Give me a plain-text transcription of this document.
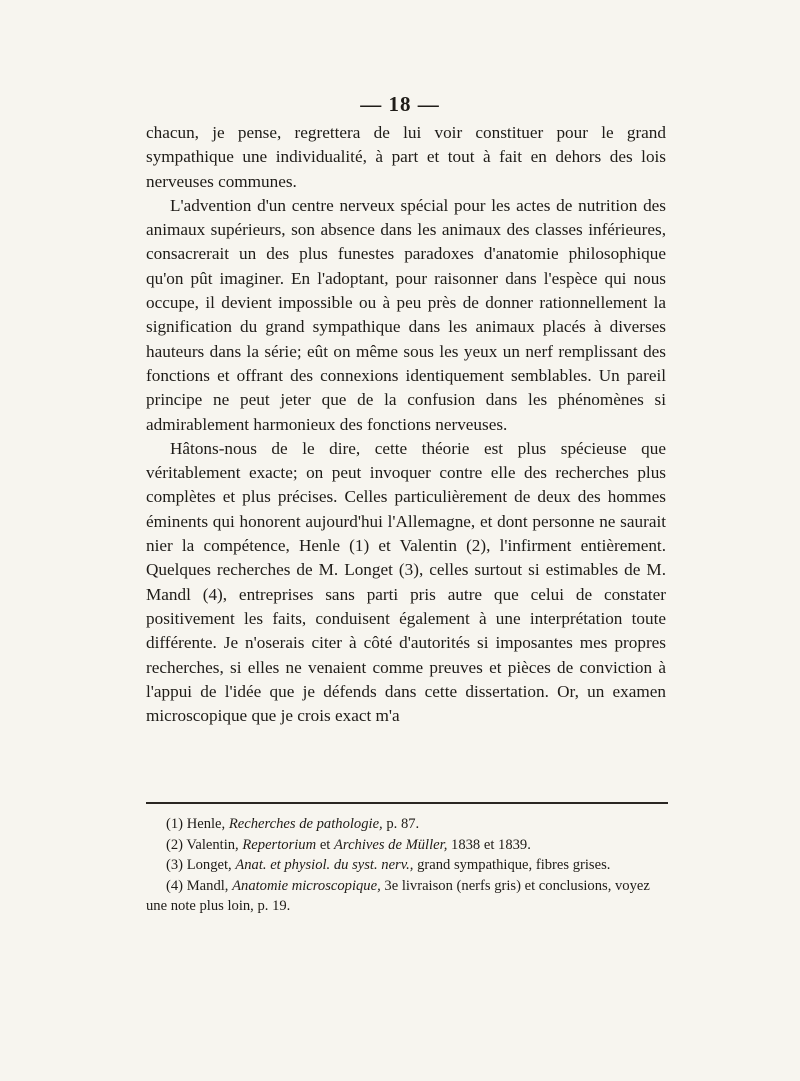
— 18 —

chacun, je pense, regrettera de lui voir constituer pour le grand sympathique une individualité, à part et tout à fait en dehors des lois nerveuses communes.

L'advention d'un centre nerveux spécial pour les actes de nutrition des animaux supérieurs, son absence dans les animaux des classes inférieures, consacrerait un des plus funestes paradoxes d'anatomie philosophique qu'on pût imaginer. En l'adoptant, pour raisonner dans l'espèce qui nous occupe, il devient impossible ou à peu près de donner rationnellement la signification du grand sympathique dans les animaux placés à diverses hauteurs dans la série; eût on même sous les yeux un nerf remplissant des fonctions et offrant des connexions identiquement semblables. Un pareil principe ne peut jeter que de la confusion dans les phénomènes si admirablement harmonieux des fonctions nerveuses.

Hâtons-nous de le dire, cette théorie est plus spécieuse que véritablement exacte; on peut invoquer contre elle des recherches plus complètes et plus précises. Celles particulièrement de deux des hommes éminents qui honorent aujourd'hui l'Allemagne, et dont personne ne saurait nier la compétence, Henle (1) et Valentin (2), l'infirment entièrement. Quelques recherches de M. Longet (3), celles surtout si estimables de M. Mandl (4), entreprises sans parti pris autre que celui de constater positivement les faits, conduisent également à une interprétation toute différente. Je n'oserais citer à côté d'autorités si imposantes mes propres recherches, si elles ne venaient comme preuves et pièces de conviction à l'appui de l'idée que je défends dans cette dissertation. Or, un examen microscopique que je crois exact m'a

(1) Henle, Recherches de pathologie, p. 87.

(2) Valentin, Repertorium et Archives de Müller, 1838 et 1839.

(3) Longet, Anat. et physiol. du syst. nerv., grand sympathique, fibres grises.

(4) Mandl, Anatomie microscopique, 3e livraison (nerfs gris) et conclusions, voyez une note plus loin, p. 19.
